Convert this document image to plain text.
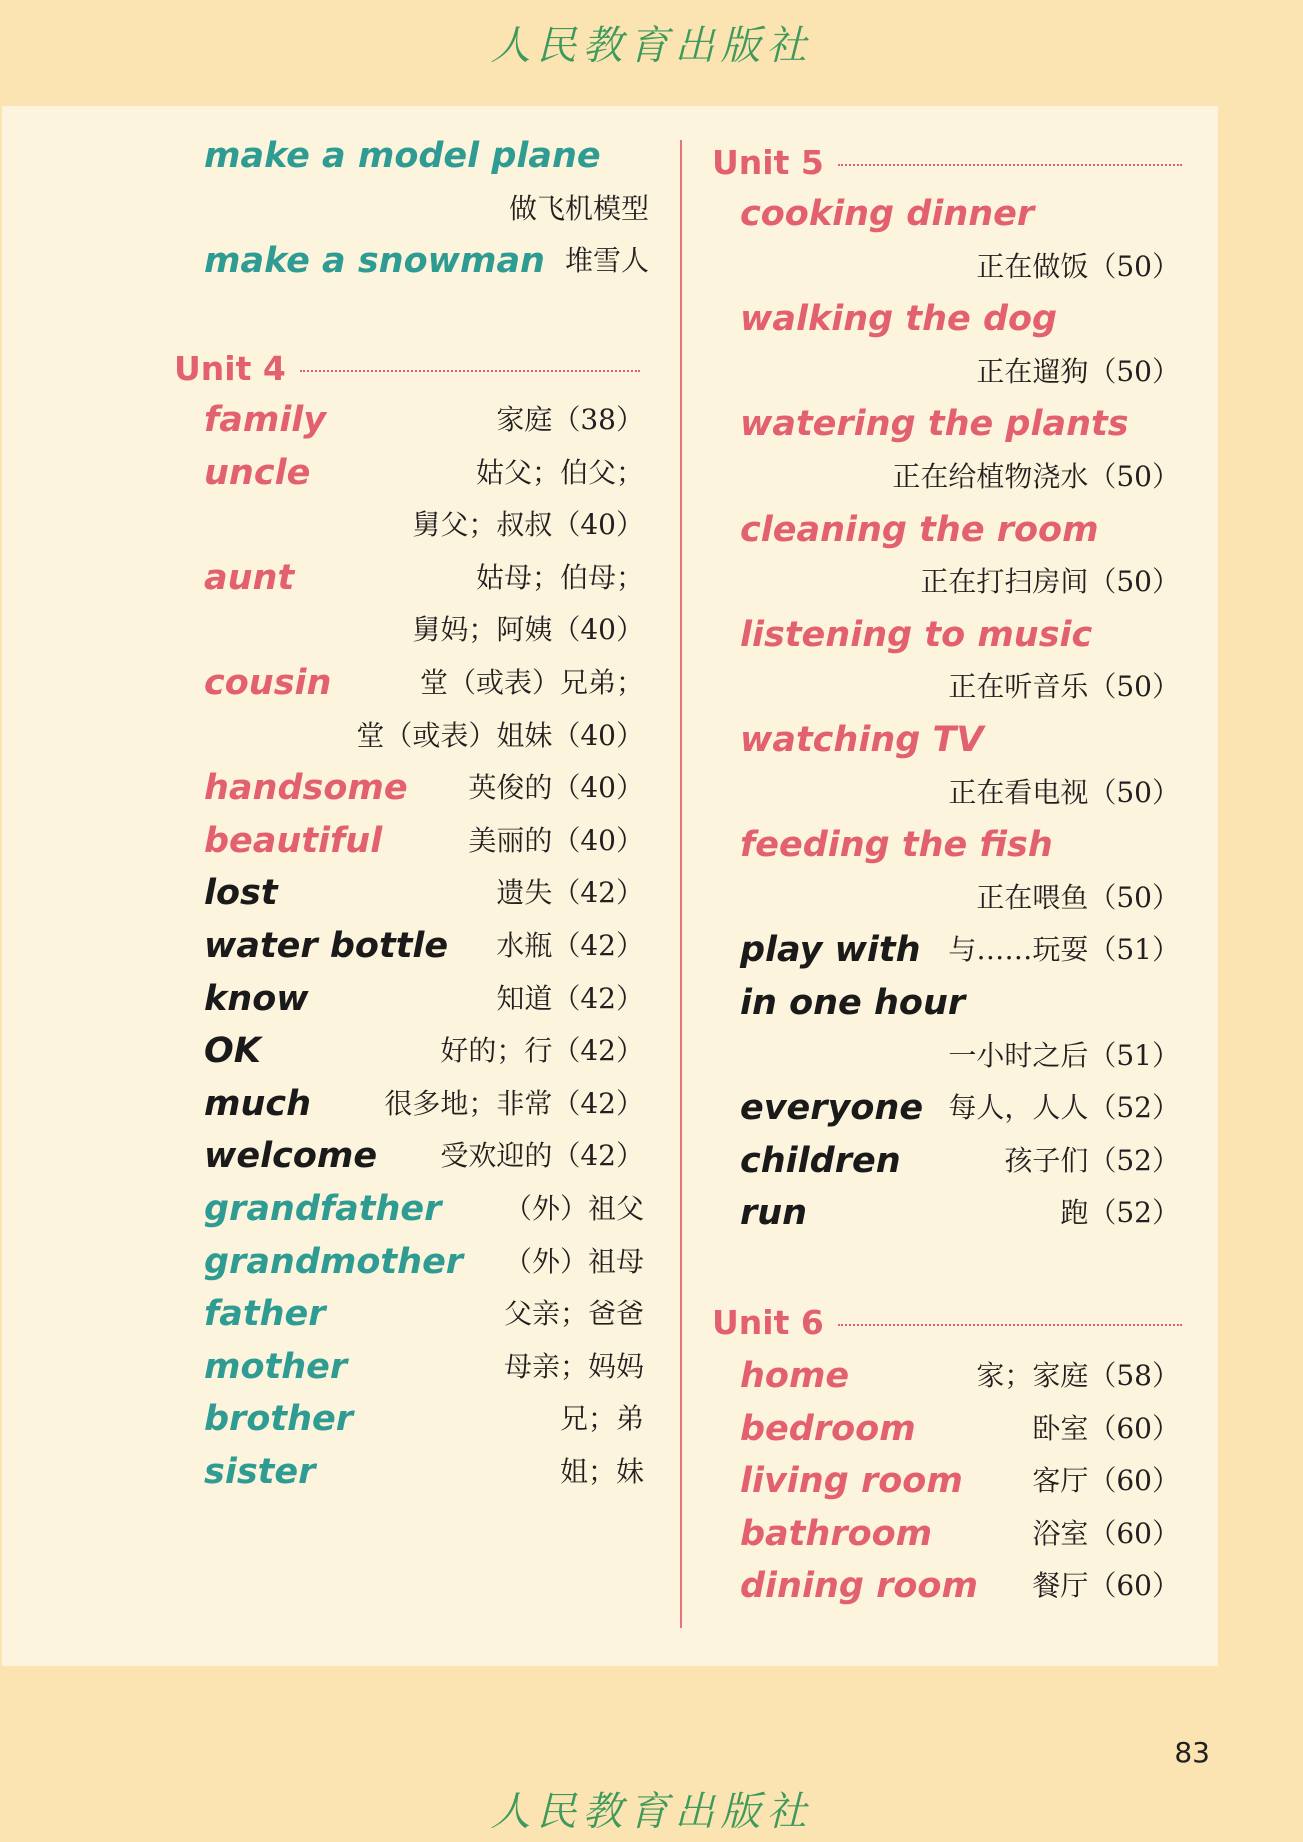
人民教育出版社
make a model plane
做飞机模型
make a snowman 堆雪人
Unit 4
family	家庭（38）
uncle	姑父；伯父；
舅父；叔叔（40）
aunt	姑母；伯母；
舅妈；阿姨（40）
cousin	堂（或表）兄弟；
堂（或表）姐妹（40）
handsome 英俊的（40）
beautiful	美丽的（40）
lost	遗失（42）
water bottle 水瓶（42）
know	知道（42）
OK	好的；行（42）
much	很多地；非常（42）
welcome 受欢迎的（42）
grandfather （外）祖父
grandmother （外）祖母
father	父亲；爸爸
mother	母亲；妈妈
brother	兄；弟
sister	姐；妹
Unit 5
cooking dinner
正在做饭（50）
walking the dog
正在遛狗（50）
watering the plants
正在给植物浇水（50）
cleaning the room
正在打扫房间（50）
listening to music
正在听音乐（50）
watching TV
正在看电视（50）
feeding the fish
正在喂鱼（50）
play with 与……玩耍（51）
in one hour
一小时之后（51）
everyone 每人，人人（52）
children	孩子们（52）
run	跑（52）
Unit 6
home	家；家庭（58）
bedroom	卧室（60）
living room 客厅（60）
bathroom	浴室（60）
dining room 餐厅（60）
83
人民教育出版社
